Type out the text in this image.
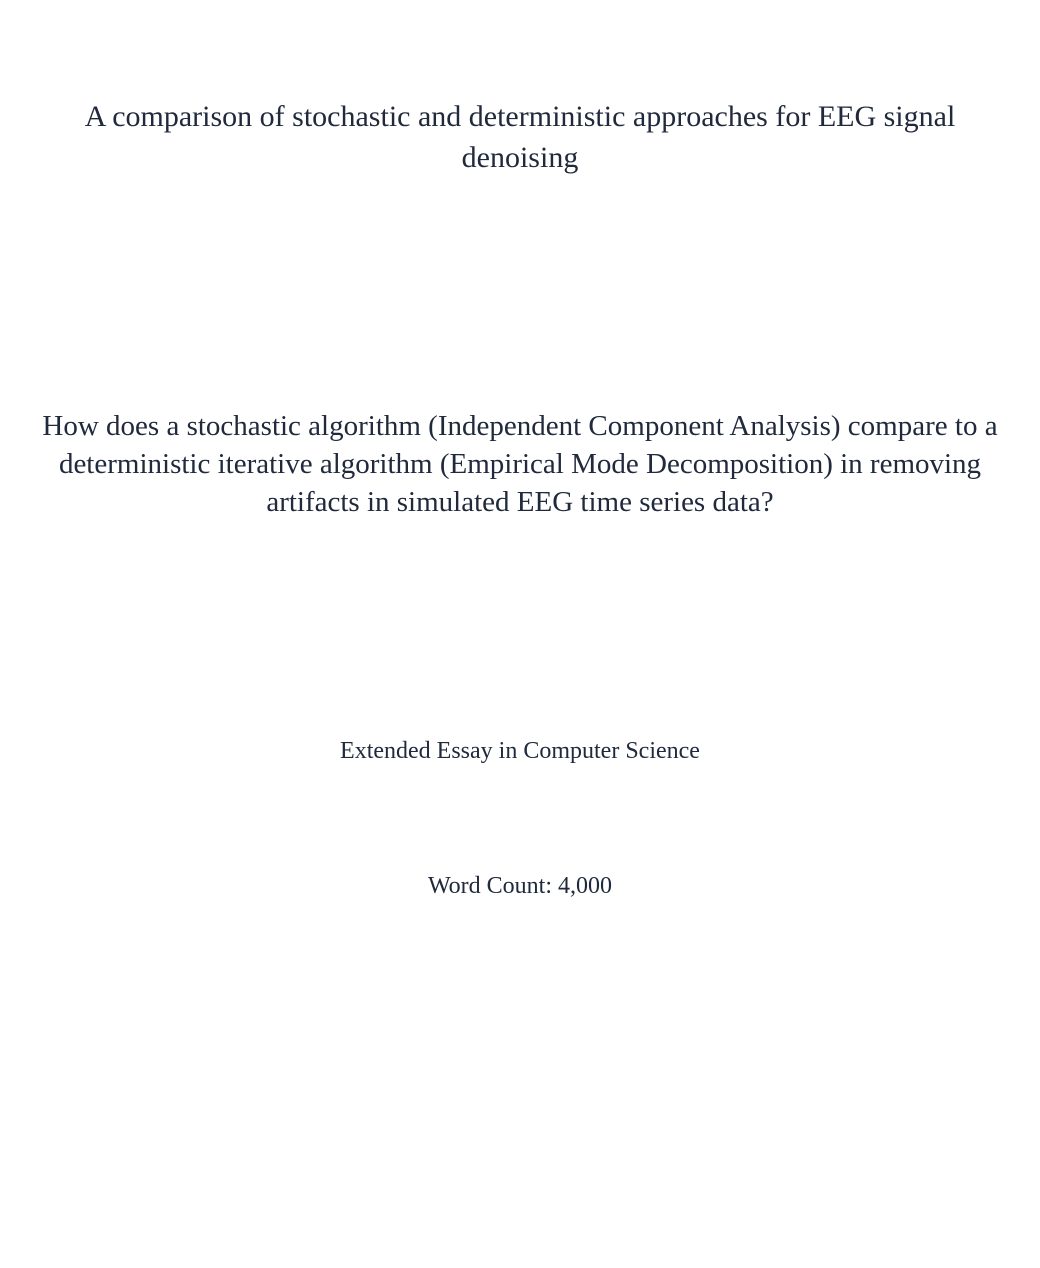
A comparison of stochastic and deterministic approaches for EEG signal
denoising
How does a stochastic algorithm (Independent Component Analysis) compare to a
deterministic iterative algorithm (Empirical Mode Decomposition) in removing
artifacts in simulated EEG time series data?
Extended Essay in Computer Science
Word Count: 4,000
